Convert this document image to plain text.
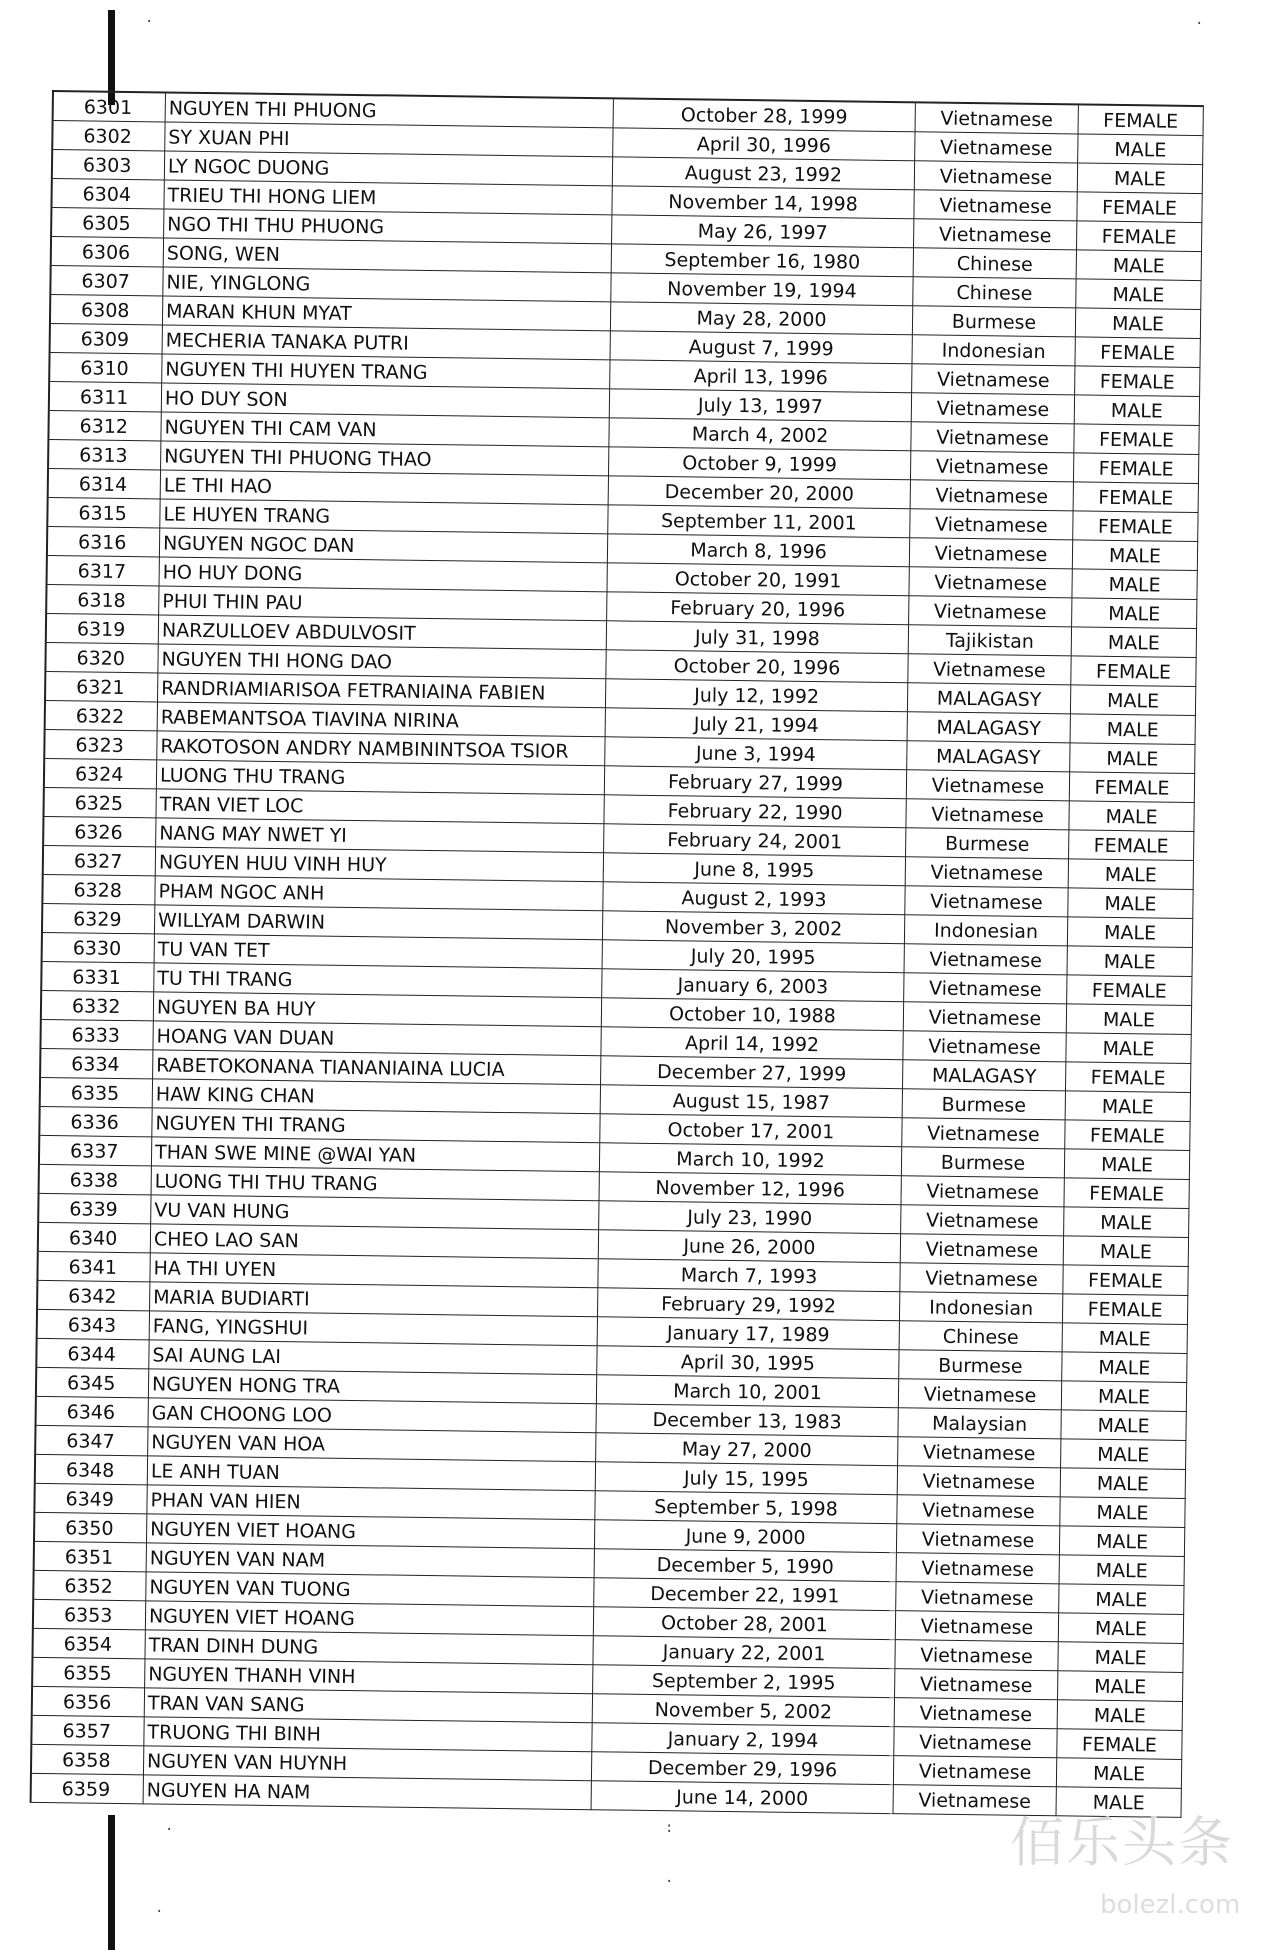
.	.
.	:
.
.
6301	NGUYEN THI PHUONG	October 28, 1999	Vietnamese	FEMALE
6302	SY XUAN PHI	April 30, 1996	Vietnamese	MALE
6303	LY NGOC DUONG	August 23, 1992	Vietnamese	MALE
6304	TRIEU THI HONG LIEM	November 14, 1998	Vietnamese	FEMALE
6305	NGO THI THU PHUONG	May 26, 1997	Vietnamese	FEMALE
6306	SONG, WEN	September 16, 1980	Chinese	MALE
6307	NIE, YINGLONG	November 19, 1994	Chinese	MALE
6308	MARAN KHUN MYAT	May 28, 2000	Burmese	MALE
6309	MECHERIA TANAKA PUTRI	August 7, 1999	Indonesian	FEMALE
6310	NGUYEN THI HUYEN TRANG	April 13, 1996	Vietnamese	FEMALE
6311	HO DUY SON	July 13, 1997	Vietnamese	MALE
6312	NGUYEN THI CAM VAN	March 4, 2002	Vietnamese	FEMALE
6313	NGUYEN THI PHUONG THAO	October 9, 1999	Vietnamese	FEMALE
6314	LE THI HAO	December 20, 2000	Vietnamese	FEMALE
6315	LE HUYEN TRANG	September 11, 2001	Vietnamese	FEMALE
6316	NGUYEN NGOC DAN	March 8, 1996	Vietnamese	MALE
6317	HO HUY DONG	October 20, 1991	Vietnamese	MALE
6318	PHUI THIN PAU	February 20, 1996	Vietnamese	MALE
6319	NARZULLOEV ABDULVOSIT	July 31, 1998	Tajikistan	MALE
6320	NGUYEN THI HONG DAO	October 20, 1996	Vietnamese	FEMALE
6321	RANDRIAMIARISOA FETRANIAINA FABIEN	July 12, 1992	MALAGASY	MALE
6322	RABEMANTSOA TIAVINA NIRINA	July 21, 1994	MALAGASY	MALE
6323	RAKOTOSON ANDRY NAMBININTSOA TSIOR	June 3, 1994	MALAGASY	MALE
6324	LUONG THU TRANG	February 27, 1999	Vietnamese	FEMALE
6325	TRAN VIET LOC	February 22, 1990	Vietnamese	MALE
6326	NANG MAY NWET YI	February 24, 2001	Burmese	FEMALE
6327	NGUYEN HUU VINH HUY	June 8, 1995	Vietnamese	MALE
6328	PHAM NGOC ANH	August 2, 1993	Vietnamese	MALE
6329	WILLYAM DARWIN	November 3, 2002	Indonesian	MALE
6330	TU VAN TET	July 20, 1995	Vietnamese	MALE
6331	TU THI TRANG	January 6, 2003	Vietnamese	FEMALE
6332	NGUYEN BA HUY	October 10, 1988	Vietnamese	MALE
6333	HOANG VAN DUAN	April 14, 1992	Vietnamese	MALE
6334	RABETOKONANA TIANANIAINA LUCIA	December 27, 1999	MALAGASY	FEMALE
6335	HAW KING CHAN	August 15, 1987	Burmese	MALE
6336	NGUYEN THI TRANG	October 17, 2001	Vietnamese	FEMALE
6337	THAN SWE MINE @WAI YAN	March 10, 1992	Burmese	MALE
6338	LUONG THI THU TRANG	November 12, 1996	Vietnamese	FEMALE
6339	VU VAN HUNG	July 23, 1990	Vietnamese	MALE
6340	CHEO LAO SAN	June 26, 2000	Vietnamese	MALE
6341	HA THI UYEN	March 7, 1993	Vietnamese	FEMALE
6342	MARIA BUDIARTI	February 29, 1992	Indonesian	FEMALE
6343	FANG, YINGSHUI	January 17, 1989	Chinese	MALE
6344	SAI AUNG LAI	April 30, 1995	Burmese	MALE
6345	NGUYEN HONG TRA	March 10, 2001	Vietnamese	MALE
6346	GAN CHOONG LOO	December 13, 1983	Malaysian	MALE
6347	NGUYEN VAN HOA	May 27, 2000	Vietnamese	MALE
6348	LE ANH TUAN	July 15, 1995	Vietnamese	MALE
6349	PHAN VAN HIEN	September 5, 1998	Vietnamese	MALE
6350	NGUYEN VIET HOANG	June 9, 2000	Vietnamese	MALE
6351	NGUYEN VAN NAM	December 5, 1990	Vietnamese	MALE
6352	NGUYEN VAN TUONG	December 22, 1991	Vietnamese	MALE
6353	NGUYEN VIET HOANG	October 28, 2001	Vietnamese	MALE
6354	TRAN DINH DUNG	January 22, 2001	Vietnamese	MALE
6355	NGUYEN THANH VINH	September 2, 1995	Vietnamese	MALE
6356	TRAN VAN SANG	November 5, 2002	Vietnamese	MALE
6357	TRUONG THI BINH	January 2, 1994	Vietnamese	FEMALE
6358	NGUYEN VAN HUYNH	December 29, 1996	Vietnamese	MALE
6359	NGUYEN HA NAM	June 14, 2000	Vietnamese	MALE
佰乐头条
bolezl.com
